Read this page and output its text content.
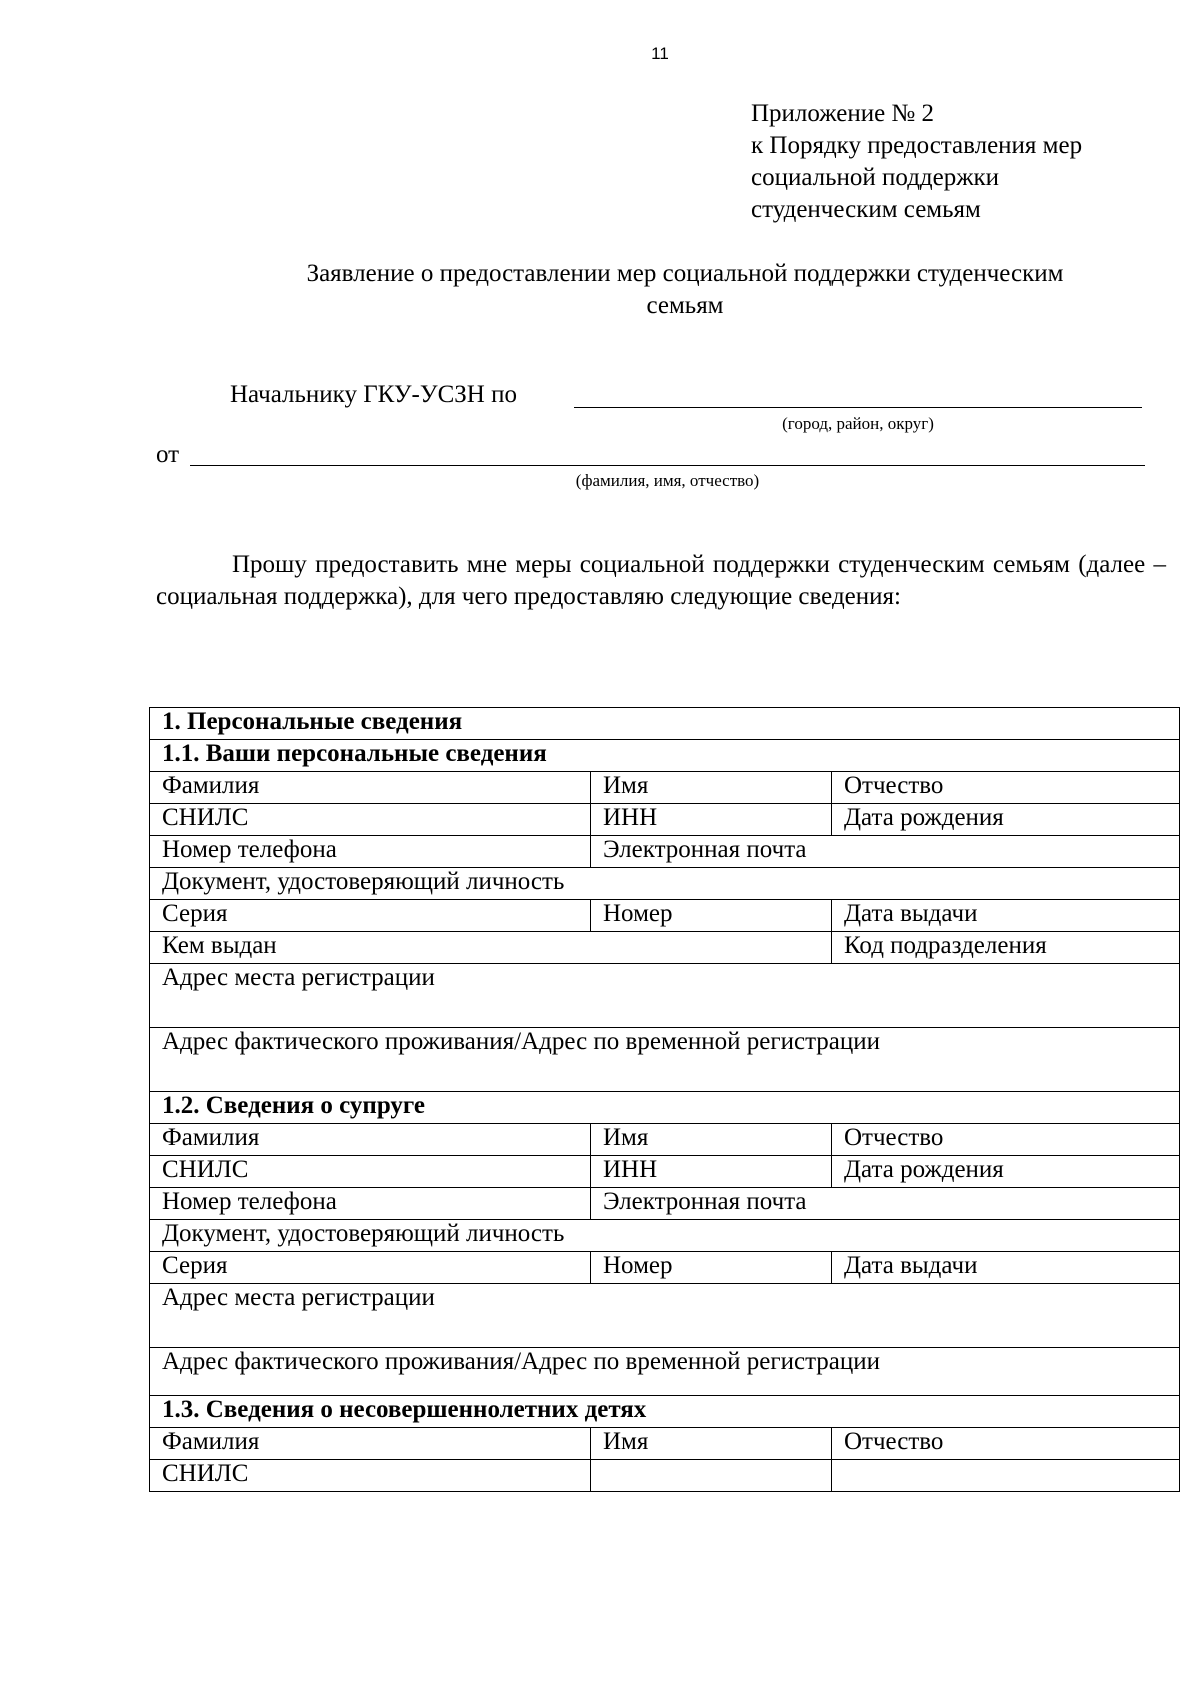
11
Приложение № 2
к Порядку предоставления мер
социальной поддержки
студенческим семьям
Заявление о предоставлении мер социальной поддержки студенческим
семьям
Начальнику ГКУ-УСЗН по
(город, район, округ)
от
(фамилия, имя, отчество)
Прошу предоставить мне меры социальной поддержки студенческим семьям (далее – социальная поддержка), для чего предоставляю следующие сведения:
1. Персональные сведения		
1.1. Ваши персональные сведения		
Фамилия	Имя	Отчество
СНИЛС	ИНН	Дата рождения
Номер телефона	Электронная почта	
Документ, удостоверяющий личность		
Серия	Номер	Дата выдачи
Кем выдан		Код подразделения
Адрес места регистрации		
Адрес фактического проживания/Адрес по временной регистрации		
1.2. Сведения о супруге		
Фамилия	Имя	Отчество
СНИЛС	ИНН	Дата рождения
Номер телефона	Электронная почта	
Документ, удостоверяющий личность		
Серия	Номер	Дата выдачи
Адрес места регистрации		
Адрес фактического проживания/Адрес по временной регистрации		
1.3. Сведения о несовершеннолетних детях		
Фамилия	Имя	Отчество
СНИЛС		
